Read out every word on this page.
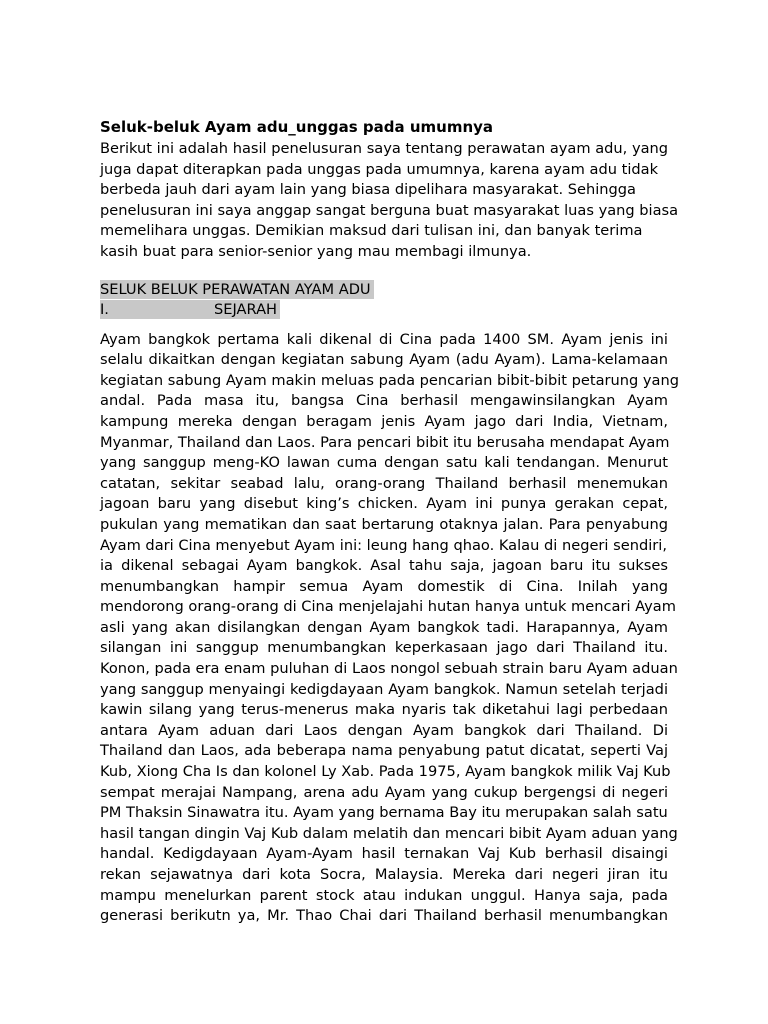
Seluk-beluk Ayam adu_unggas pada umumnya

Berikut ini adalah hasil penelusuran saya tentang perawatan ayam adu, yang

juga dapat diterapkan pada unggas pada umumnya, karena ayam adu tidak

berbeda jauh dari ayam lain yang biasa dipelihara masyarakat. Sehingga

penelusuran ini saya anggap sangat berguna buat masyarakat luas yang biasa

memelihara unggas. Demikian maksud dari tulisan ini, dan banyak terima

kasih buat para senior-senior yang mau membagi ilmunya.

SELUK BELUK PERAWATAN AYAM ADU
I.	SEJARAH

Ayam bangkok pertama kali dikenal di Cina pada 1400 SM. Ayam jenis ini

selalu dikaitkan dengan kegiatan sabung Ayam (adu Ayam). Lama-kelamaan

kegiatan sabung Ayam makin meluas pada pencarian bibit-bibit petarung yang

andal. Pada masa itu, bangsa Cina berhasil mengawinsilangkan Ayam

kampung mereka dengan beragam jenis Ayam jago dari India, Vietnam,

Myanmar, Thailand dan Laos. Para pencari bibit itu berusaha mendapat Ayam

yang sanggup meng-KO lawan cuma dengan satu kali tendangan. Menurut

catatan, sekitar seabad lalu, orang-orang Thailand berhasil menemukan

jagoan baru yang disebut king’s chicken. Ayam ini punya gerakan cepat,

pukulan yang mematikan dan saat bertarung otaknya jalan. Para penyabung

Ayam dari Cina menyebut Ayam ini: leung hang qhao. Kalau di negeri sendiri,

ia dikenal sebagai Ayam bangkok. Asal tahu saja, jagoan baru itu sukses

menumbangkan hampir semua Ayam domestik di Cina. Inilah yang

mendorong orang-orang di Cina menjelajahi hutan hanya untuk mencari Ayam

asli yang akan disilangkan dengan Ayam bangkok tadi. Harapannya, Ayam

silangan ini sanggup menumbangkan keperkasaan jago dari Thailand itu.

Konon, pada era enam puluhan di Laos nongol sebuah strain baru Ayam aduan

yang sanggup menyaingi kedigdayaan Ayam bangkok. Namun setelah terjadi

kawin silang yang terus-menerus maka nyaris tak diketahui lagi perbedaan

antara Ayam aduan dari Laos dengan Ayam bangkok dari Thailand. Di

Thailand dan Laos, ada beberapa nama penyabung patut dicatat, seperti Vaj

Kub, Xiong Cha Is dan kolonel Ly Xab. Pada 1975, Ayam bangkok milik Vaj Kub

sempat merajai Nampang, arena adu Ayam yang cukup bergengsi di negeri

PM Thaksin Sinawatra itu. Ayam yang bernama Bay itu merupakan salah satu

hasil tangan dingin Vaj Kub dalam melatih dan mencari bibit Ayam aduan yang

handal. Kedigdayaan Ayam-Ayam hasil ternakan Vaj Kub berhasil disaingi

rekan sejawatnya dari kota Socra, Malaysia. Mereka dari negeri jiran itu

mampu menelurkan parent stock atau indukan unggul. Hanya saja, pada

generasi berikutn ya, Mr. Thao Chai dari Thailand berhasil menumbangkan
